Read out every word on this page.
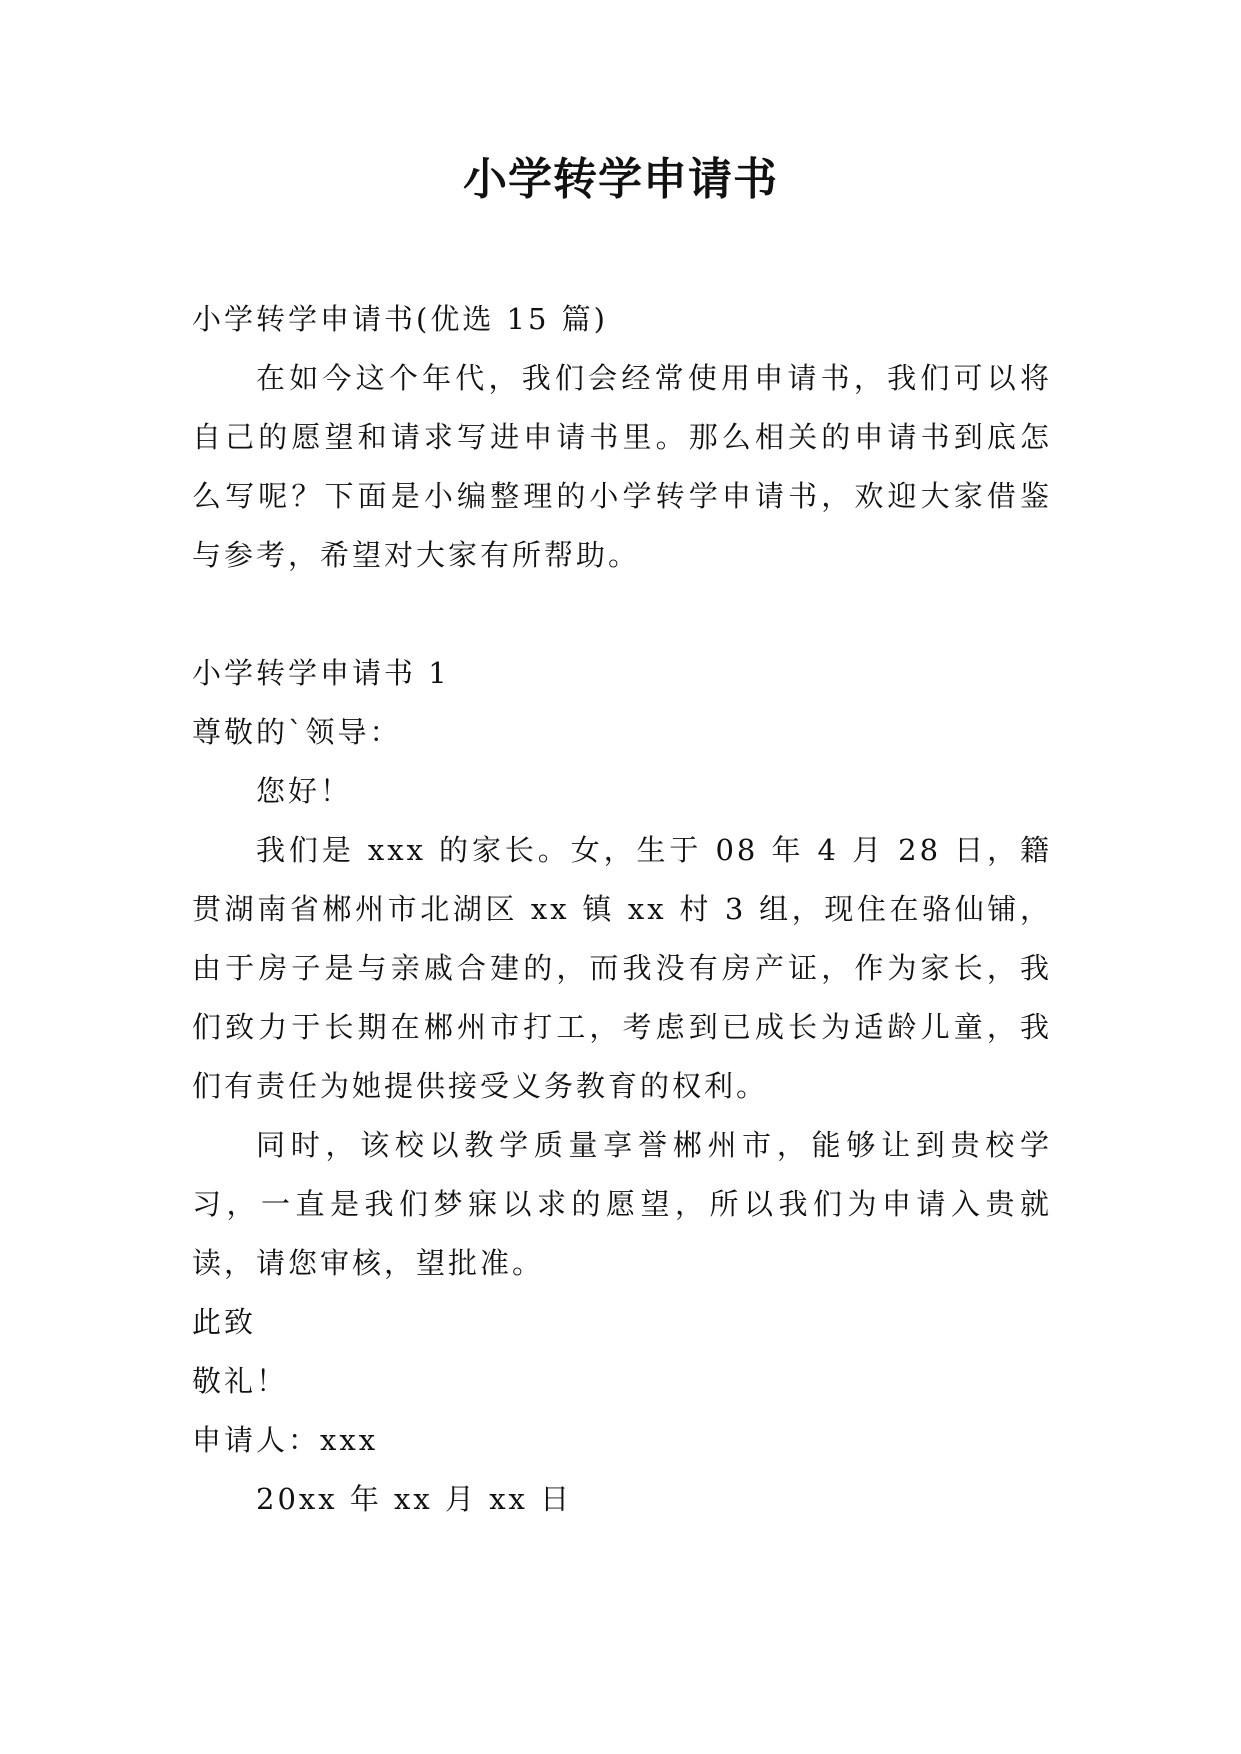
小学转学申请书

小学转学申请书(优选 15 篇)

在如今这个年代，我们会经常使用申请书，我们可以将自己的愿望和请求写进申请书里。那么相关的申请书到底怎么写呢？下面是小编整理的小学转学申请书，欢迎大家借鉴与参考，希望对大家有所帮助。

小学转学申请书 1

尊敬的`领导：

您好！

我们是 xxx 的家长。女，生于 08 年 4 月 28 日，籍贯湖南省郴州市北湖区 xx 镇 xx 村 3 组，现住在骆仙铺，由于房子是与亲戚合建的，而我没有房产证，作为家长，我们致力于长期在郴州市打工，考虑到已成长为适龄儿童，我们有责任为她提供接受义务教育的权利。

同时，该校以教学质量享誉郴州市，能够让到贵校学习，一直是我们梦寐以求的愿望，所以我们为申请入贵就读，请您审核，望批准。

此致

敬礼！

申请人：xxx

20xx 年 xx 月 xx 日
